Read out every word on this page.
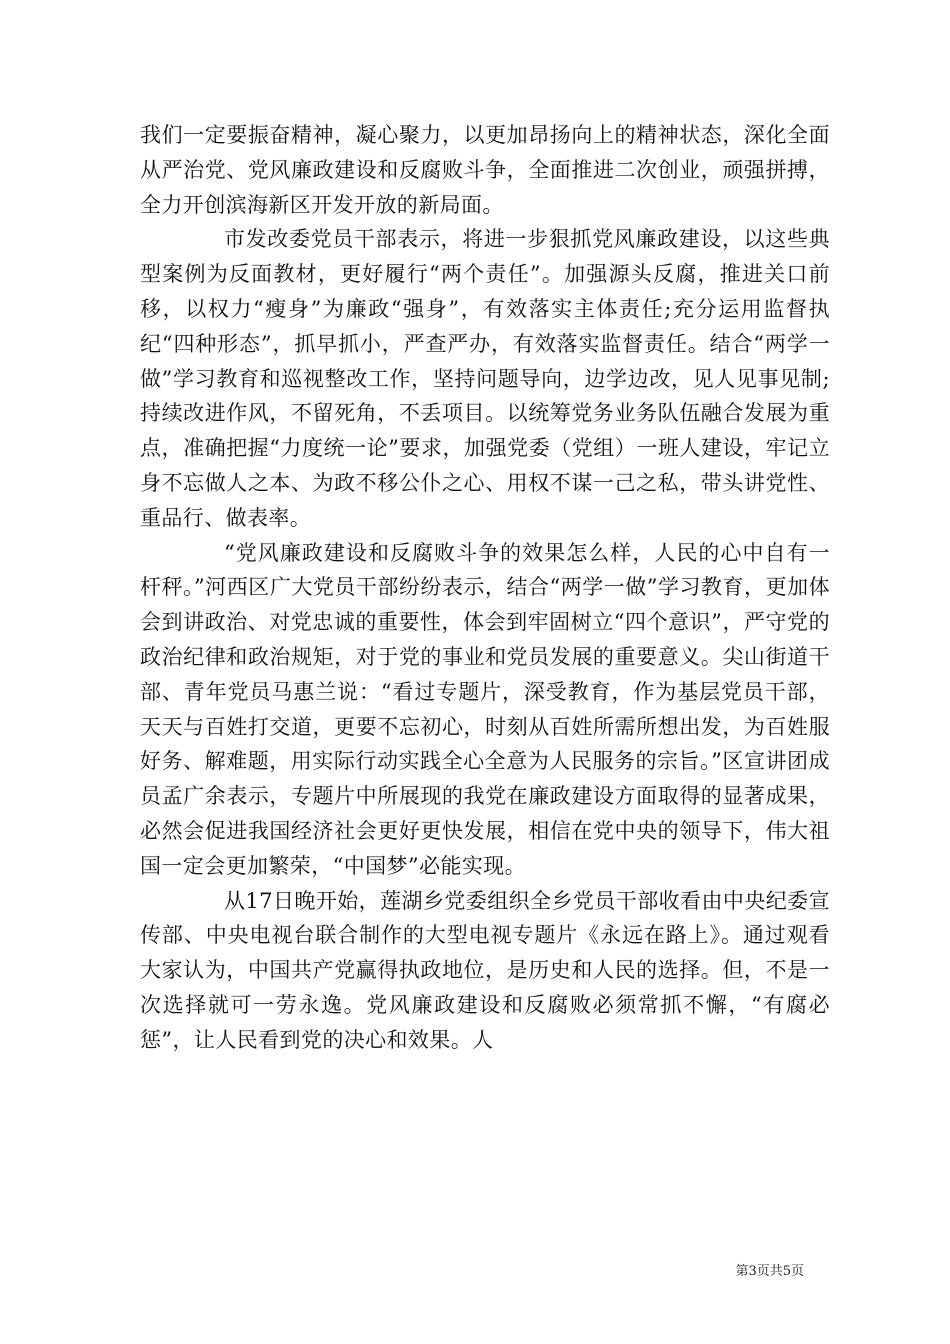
我们一定要振奋精神，凝心聚力，以更加昂扬向上的精神状态，深化全面从严治党、党风廉政建设和反腐败斗争，全面推进二次创业，顽强拼搏，全力开创滨海新区开发开放的新局面。

市发改委党员干部表示，将进一步狠抓党风廉政建设，以这些典型案例为反面教材，更好履行“两个责任”。加强源头反腐，推进关口前移，以权力“瘦身”为廉政“强身”，有效落实主体责任;充分运用监督执纪“四种形态”，抓早抓小，严查严办，有效落实监督责任。结合“两学一做”学习教育和巡视整改工作，坚持问题导向，边学边改，见人见事见制;持续改进作风，不留死角，不丢项目。以统筹党务业务队伍融合发展为重点，准确把握“力度统一论”要求，加强党委（党组）一班人建设，牢记立身不忘做人之本、为政不移公仆之心、用权不谋一己之私，带头讲党性、重品行、做表率。

“党风廉政建设和反腐败斗争的效果怎么样，人民的心中自有一杆秤。”河西区广大党员干部纷纷表示，结合“两学一做”学习教育，更加体会到讲政治、对党忠诚的重要性，体会到牢固树立“四个意识”，严守党的政治纪律和政治规矩，对于党的事业和党员发展的重要意义。尖山街道干部、青年党员马惠兰说：“看过专题片，深受教育，作为基层党员干部，天天与百姓打交道，更要不忘初心，时刻从百姓所需所想出发，为百姓服好务、解难题，用实际行动实践全心全意为人民服务的宗旨。”区宣讲团成员孟广余表示，专题片中所展现的我党在廉政建设方面取得的显著成果，必然会促进我国经济社会更好更快发展，相信在党中央的领导下，伟大祖国一定会更加繁荣，“中国梦”必能实现。

从17日晚开始，莲湖乡党委组织全乡党员干部收看由中央纪委宣传部、中央电视台联合制作的大型电视专题片《永远在路上》。通过观看大家认为，中国共产党赢得执政地位，是历史和人民的选择。但，不是一次选择就可一劳永逸。党风廉政建设和反腐败必须常抓不懈，“有腐必惩”，让人民看到党的决心和效果。人

第3页共5页
